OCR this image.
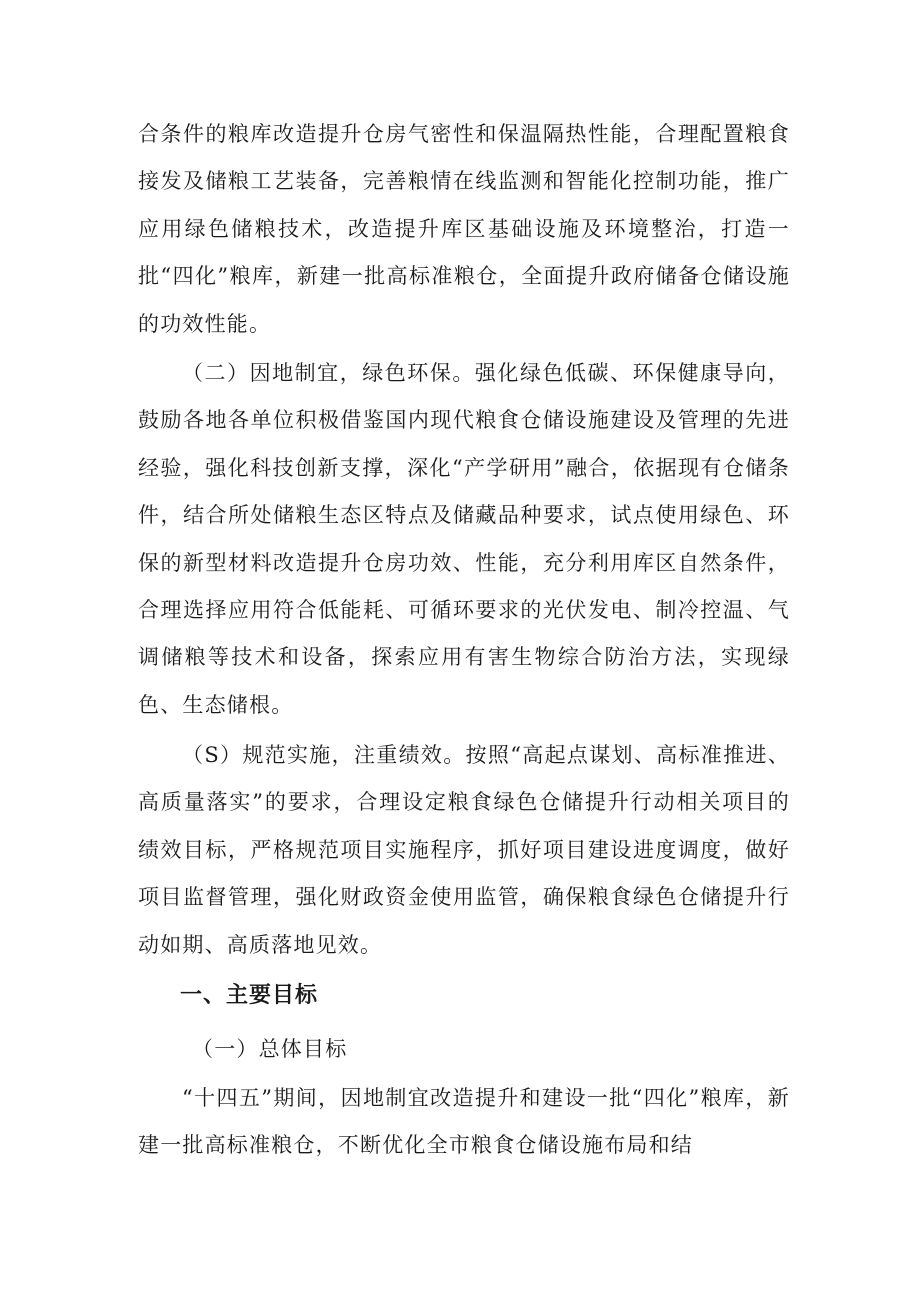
合条件的粮库改造提升仓房气密性和保温隔热性能，合理配置粮食接发及储粮工艺装备，完善粮情在线监测和智能化控制功能，推广应用绿色储粮技术，改造提升库区基础设施及环境整治，打造一批“四化”粮库，新建一批高标准粮仓，全面提升政府储备仓储设施的功效性能。

（二）因地制宜，绿色环保。强化绿色低碳、环保健康导向，鼓励各地各单位积极借鉴国内现代粮食仓储设施建设及管理的先进经验，强化科技创新支撑，深化“产学研用”融合，依据现有仓储条件，结合所处储粮生态区特点及储藏品种要求，试点使用绿色、环保的新型材料改造提升仓房功效、性能，充分利用库区自然条件，合理选择应用符合低能耗、可循环要求的光伏发电、制冷控温、气调储粮等技术和设备，探索应用有害生物综合防治方法，实现绿色、生态储根。

（S）规范实施，注重绩效。按照“高起点谋划、高标准推进、高质量落实”的要求，合理设定粮食绿色仓储提升行动相关项目的绩效目标，严格规范项目实施程序，抓好项目建设进度调度，做好项目监督管理，强化财政资金使用监管，确保粮食绿色仓储提升行动如期、高质落地见效。

一、主要目标

（一）总体目标

“十四五”期间，因地制宜改造提升和建设一批“四化”粮库，新建一批高标准粮仓，不断优化全市粮食仓储设施布局和结
